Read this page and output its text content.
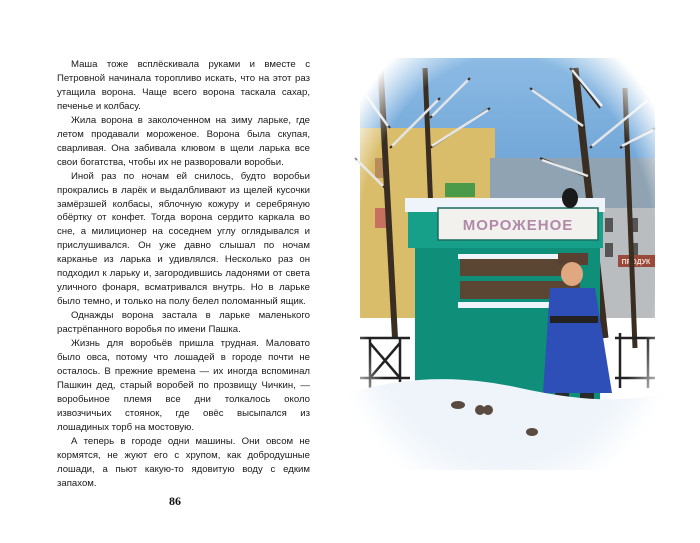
Маша тоже всплёскивала руками и вместе с Петровной начинала торопливо искать, что на этот раз утащила ворона. Чаще всего ворона таскала сахар, печенье и колбасу.

Жила ворона в заколоченном на зиму ларьке, где летом продавали мороженое. Ворона была скупая, сварливая. Она забивала клювом в щели ларька все свои богатства, чтобы их не разворовали воробьи.

Иной раз по ночам ей снилось, будто воробьи прокрались в ларёк и выдалбливают из щелей кусочки замёрзшей колбасы, яблочную кожуру и серебряную обёртку от конфет. Тогда ворона сердито каркала во сне, а милиционер на соседнем углу оглядывался и прислушивался. Он уже давно слышал по ночам карканье из ларька и удивлялся. Несколько раз он подходил к ларьку и, загородившись ладонями от света уличного фонаря, всматривался внутрь. Но в ларьке было темно, и только на полу белел поломанный ящик.

Однажды ворона застала в ларьке маленького растрёпанного воробья по имени Пашка.

Жизнь для воробьёв пришла трудная. Маловато было овса, потому что лошадей в городе почти не осталось. В прежние времена — их иногда вспоминал Пашкин дед, старый воробей по прозвищу Чичкин, — воробьиное племя все дни толкалось около извозчичьих стоянок, где овёс высыпался из лошадиных торб на мостовую.

А теперь в городе одни машины. Они овсом не кормятся, не жуют его с хрупом, как добродушные лошади, а пьют какую-то ядовитую воду с едким запахом.

86
